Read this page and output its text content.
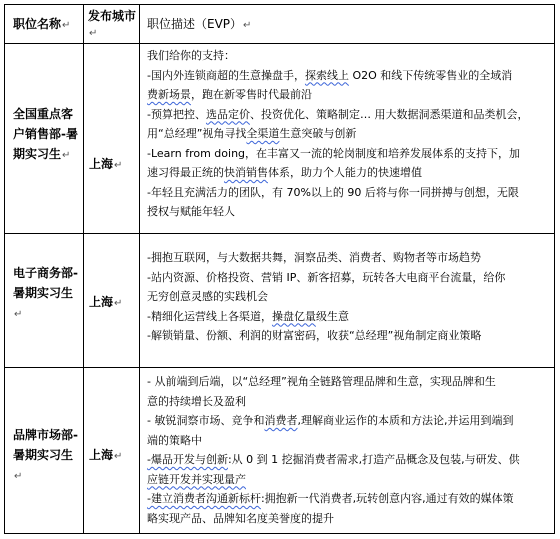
职位名称↵
发布城市↵
职位描述（EVP）↵
全国重点客户销售部-暑期实习生↵
上海↵
我们给你的支持：
-国内外连锁商超的生意操盘手，探索线上 O2O 和线下传统零售业的全域消
费新场景，跑在新零售时代最前沿
-预算把控、选品定价、投资优化、策略制定… 用大数据洞悉渠道和品类机会，
用“总经理”视角寻找全渠道生意突破与创新
-Learn from doing，在丰富又一流的轮岗制度和培养发展体系的支持下，加
速习得最正统的快消销售体系，助力个人能力的快速增值
-年轻且充满活力的团队，有 70%以上的 90 后将与你一同拼搏与创想，无限
授权与赋能年轻人
电子商务部-暑期实习生↵
上海↵
-拥抱互联网，与大数据共舞，洞察品类、消费者、购物者等市场趋势
-站内资源、价格投资、营销 IP、新客招募，玩转各大电商平台流量，给你
无穷创意灵感的实践机会
-精细化运营线上各渠道，操盘亿量级生意
-解锁销量、份额、利润的财富密码，收获“总经理”视角制定商业策略
品牌市场部-暑期实习生↵
上海↵
- 从前端到后端，以“总经理”视角全链路管理品牌和生意，实现品牌和生
意的持续增长及盈利
- 敏锐洞察市场、竞争和消费者,理解商业运作的本质和方法论,并运用到端到
端的策略中
-爆品开发与创新:从 0 到 1 挖掘消费者需求,打造产品概念及包装,与研发、供
应链开发并实现量产
-建立消费者沟通新标杆:拥抱新一代消费者,玩转创意内容,通过有效的媒体策
略实现产品、品牌知名度美誉度的提升
